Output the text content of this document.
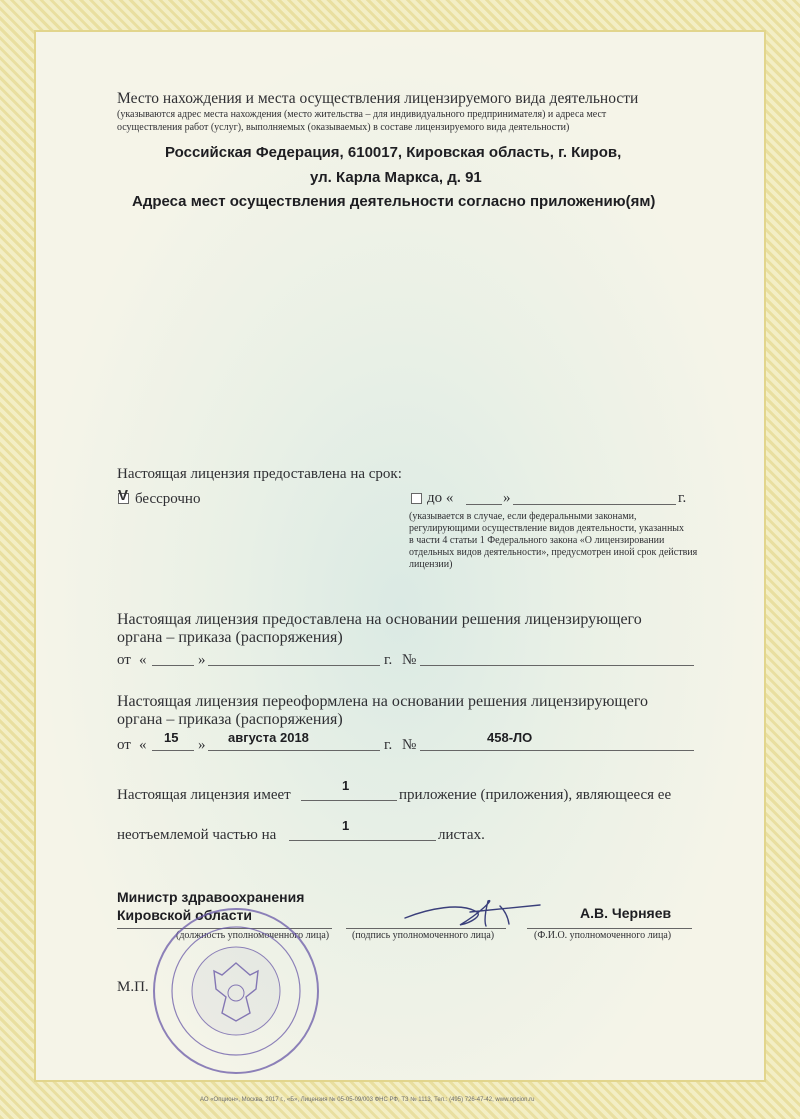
Место нахождения и места осуществления лицензируемого вида деятельности
(указываются адрес места нахождения (место жительства – для индивидуального предпринимателя) и адреса мест
осуществления работ (услуг), выполняемых (оказываемых) в составе лицензируемого вида деятельности)
Российская Федерация, 610017, Кировская область, г. Киров,
ул. Карла Маркса, д. 91
Адреса мест осуществления деятельности согласно приложению(ям)
Настоящая лицензия предоставлена на срок:
V бессрочно	до «	»	г.
(указывается в случае, если федеральными законами,
регулирующими осуществление видов деятельности, указанных
в части 4 статьи 1 Федерального закона «О лицензировании
отдельных видов деятельности», предусмотрен иной срок действия
лицензии)
Настоящая лицензия предоставлена на основании решения лицензирующего
органа – приказа (распоряжения)
от «	»	г. №
Настоящая лицензия переоформлена на основании решения лицензирующего
органа – приказа (распоряжения)
от « 15 » августа 2018	г. №	458-ЛО
Настоящая лицензия имеет
1
приложение (приложения), являющееся ее
неотъемлемой частью на
1
листах.
Министр здравоохранения
Кировской области	А.В. Черняев
(должность уполномоченного лица) (подпись уполномоченного лица)	(Ф.И.О. уполномоченного лица)
М.П.
АО «Опцион», Москва, 2017 г., «Б», Лицензия № 05-05-09/003 ФНС РФ, ТЗ № 1113, Тел.: (495) 726-47-42, www.opcion.ru
